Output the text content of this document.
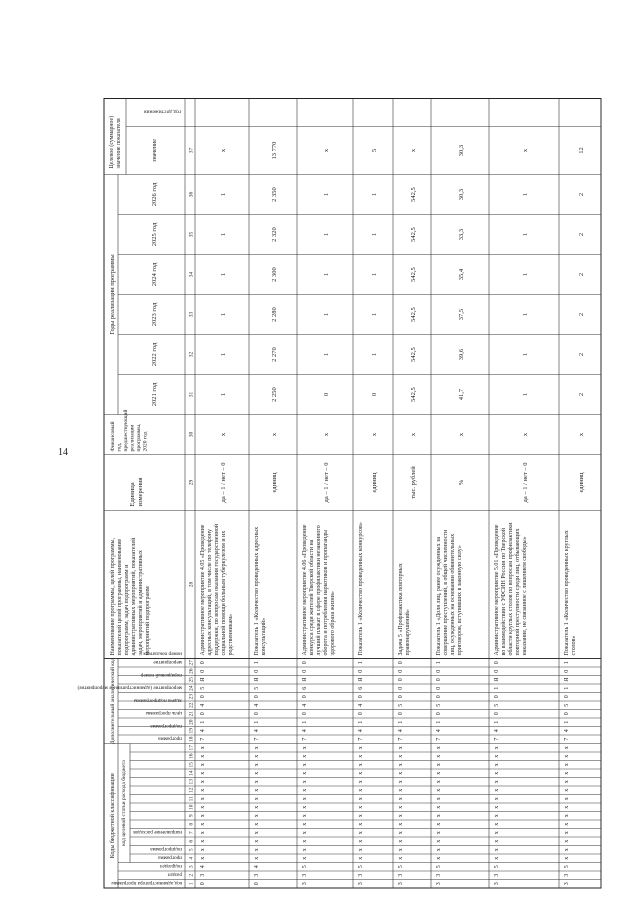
14
Коды бюджетной классификации
Дополнительный аналитический код
код целевой статьи расхода бюджета
код администратора программы
раздел
подраздел
программа
подпрограмма
направление расходов
программа
подпрограмма
цель программы
задача подпрограммы
мероприятие (административное мероприятие)
порядковый номер
мероприятие
номер показателя
Наименование программы, целей программы,показателей целей программы, наименованиеподпрограмм, задач подпрограмм иадминистративных мероприятий, показателейзадач, мероприятий и административныхмероприятий подпрограмм
Единицаизмерения
Финансовыйгод,предшествующийреализациипрограммы,2020 год
Годы реализации программы
2021 год
2022 год
2023 год
2024 год
2025 год
2026 год
Целевое (суммарное)значение показателя	значение
год достижения
1
2
3
4
5
6
7
8
9
10
11
12
13
14
15
16
17
18
19
20
21
22
23
24
25
26
27
28
29
30
31
32
33
34
35
36
37
0
3
4
х
х
х
х
х
х
х
х
х
х
х
х
х
х
7
4
1
0
4
0
5
Я
0
0
Административное мероприятие 4.05 «Проведениеадресных консультаций, в том числе по телефонуподдержки, по вопросам оказания государственнойсоциальной помощи больным туберкулезом и ихродственникам»
да – 1 / нет – 0
х
1
1
1
1
1
1
х
0
3
4
х
х
х
х
х
х
х
х
х
х
х
х
х
х
7
4
1
0
4
0
5
Я
0
1
Показатель 1 «Количество проведенных адресныхконсультаций»
единиц
х
2 250
2 270
2 280
2 300
2 320
2 350
13 770
3
3
5
х
х
х
х
х
х
х
х
х
х
х
х
х
х
7
4
1
0
4
0
6
Я
0
0
Административное мероприятие 4.06 «Проведениеконкурса среди жителей Тверской области налучший плакат в сфере профилактики незаконногооборота и потребления наркотиков и пропагандыздорового образа жизни»
да – 1 / нет – 0
х
0
1
1
1
1
1
х
3
3
5
х
х
х
х
х
х
х
х
х
х
х
х
х
х
7
4
1
0
4
0
6
Я
0
1
Показатель 1 «Количество проведенных конкурсов»
единиц
х
0
1
1
1
1
1
5
3
3
5
х
х
х
х
х
х
х
х
х
х
х
х
х
х
7
4
1
0
5
0
0
0
0
0
Задача 5 «Профилактика повторныхправонарушений»
тыс. рублей
х
542,5
542,5
542,5
542,5
542,5
542,5
х
3
3
5
х
х
х
х
х
х
х
х
х
х
х
х
х
х
7
4
1
0
5
0
0
0
0
1
Показатель 1 «Доля лиц, ранее осужденных засовершение преступлений, в общей численностилиц, осужденных на основании обвинительныхприговоров, вступивших в законную силу»
%
х
41,7
39,6
37,5
35,4
33,3
30,3
30,3
3
3
5
х
х
х
х
х
х
х
х
х
х
х
х
х
х
7
4
1
0
5
0
1
Я
0
0
Административное мероприятие 5.01 «Проведениево взаимодействии с УФСИН России по Тверскойобласти круглых столов по вопросам профилактикиповторной преступности среди лиц, отбывающихнаказание, не связанное с лишением свободы»
да – 1 / нет – 0
х
1
1
1
1
1
1
х
3
3
5
х
х
х
х
х
х
х
х
х
х
х
х
х
х
7
4
1
0
5
0
1
Я
0
1
Показатель 1 «Количество проведенных круглыхстолов»
единиц
х
2
2
2
2
2
2
12
